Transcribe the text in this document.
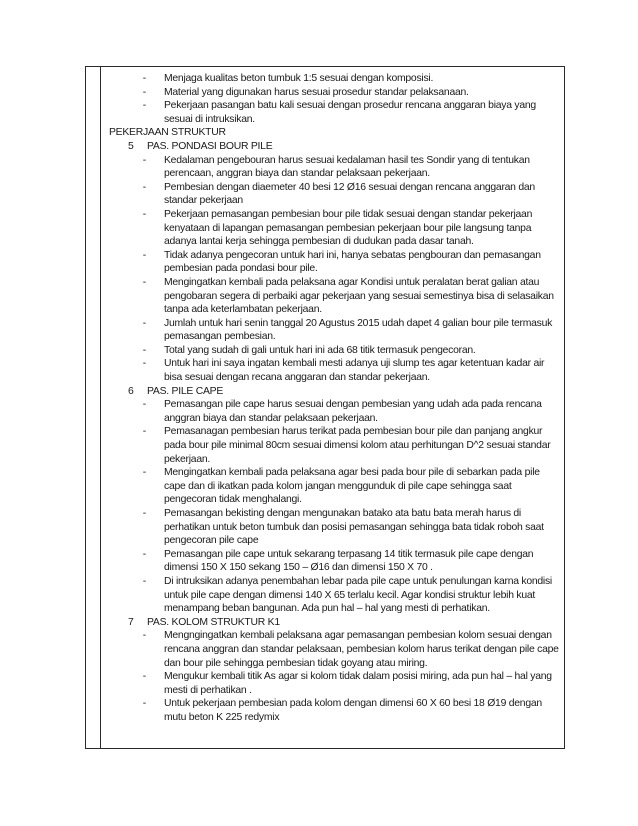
- Menjaga kualitas beton tumbuk 1:5 sesuai dengan komposisi.
- Material yang digunakan harus sesuai prosedur standar pelaksanaan.
- Pekerjaan pasangan batu kali sesuai dengan prosedur rencana anggaran biaya yang sesuai di intruksikan.
PEKERJAAN STRUKTUR
5 PAS. PONDASI BOUR PILE
- Kedalaman pengebouran harus sesuai kedalaman hasil tes Sondir yang di tentukan perencaan, anggran biaya dan standar pelaksaan pekerjaan.
- Pembesian dengan diaemeter 40 besi 12 Ø16 sesuai dengan rencana anggaran dan standar pekerjaan
- Pekerjaan pemasangan pembesian bour pile tidak sesuai dengan standar pekerjaan kenyataan di lapangan pemasangan pembesian pekerjaan bour pile langsung tanpa adanya lantai kerja sehingga pembesian di dudukan pada dasar tanah.
- Tidak adanya pengecoran untuk hari ini, hanya sebatas pengbouran dan pemasangan pembesian pada pondasi bour pile.
- Mengingatkan kembali pada pelaksana agar Kondisi untuk peralatan berat galian atau pengobaran segera di perbaiki agar pekerjaan yang sesuai semestinya bisa di selasaikan tanpa ada keterlambatan pekerjaan.
- Jumlah untuk hari senin tanggal 20 Agustus 2015 udah dapet 4 galian bour pile termasuk pemasangan pembesian.
- Total yang sudah di gali untuk hari ini ada 68 titik termasuk pengecoran.
- Untuk hari ini saya ingatan kembali mesti adanya uji slump tes agar ketentuan kadar air bisa sesuai dengan recana anggaran dan standar pekerjaan.
6 PAS. PILE CAPE
- Pemasangan pile cape harus sesuai dengan pembesian yang udah ada pada rencana anggran biaya dan standar pelaksaan pekerjaan.
- Pemasanagan pembesian harus terikat pada pembesian bour pile dan panjang angkur pada bour pile minimal 80cm sesuai dimensi kolom atau perhitungan D^2 sesuai standar pekerjaan.
- Mengingatkan kembali pada pelaksana agar besi pada bour pile di sebarkan pada pile cape dan di ikatkan pada kolom jangan menggunduk di pile cape sehingga saat pengecoran tidak menghalangi.
- Pemasangan bekisting dengan mengunakan batako ata batu bata merah harus di perhatikan untuk beton tumbuk dan posisi pemasangan sehingga bata tidak roboh saat pengecoran pile cape
- Pemasangan pile cape untuk sekarang terpasang 14 titik termasuk pile cape dengan dimensi 150 X 150 sekang 150 – Ø16 dan dimensi 150 X 70 .
- Di intruksikan adanya penembahan lebar pada pile cape untuk penulungan karna kondisi untuk pile cape dengan dimensi 140 X 65 terlalu kecil. Agar kondisi struktur lebih kuat menampang beban bangunan. Ada pun hal – hal yang mesti di perhatikan.
7 PAS. KOLOM STRUKTUR K1
- Mengngingatkan kembali pelaksana agar pemasangan pembesian kolom sesuai dengan rencana anggran dan standar pelaksaan, pembesian kolom harus terikat dengan pile cape dan bour pile sehingga pembesian tidak goyang atau miring.
- Mengukur kembali titik As agar si kolom tidak dalam posisi miring, ada pun hal – hal yang mesti di perhatikan .
- Untuk pekerjaan pembesian pada kolom dengan dimensi 60 X 60 besi 18 Ø19 dengan mutu beton K 225 redymix
